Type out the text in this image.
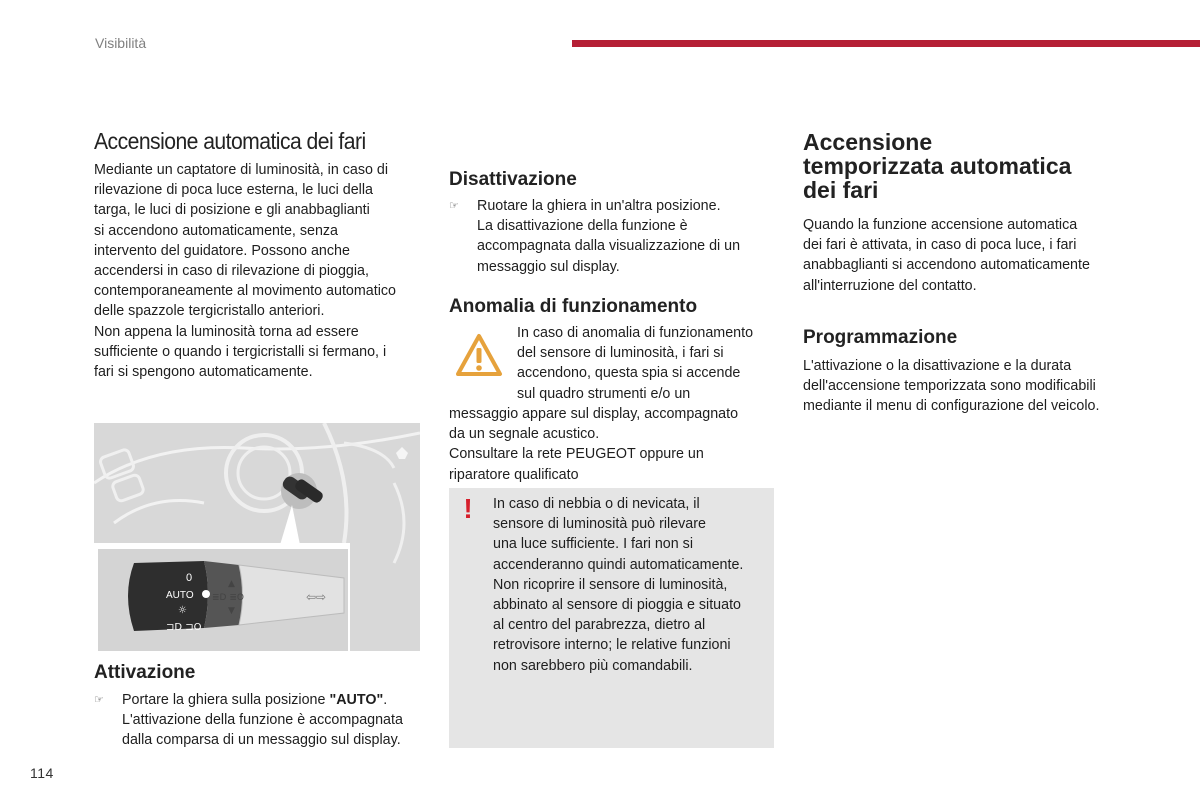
Visibilità
Accensione automatica dei fari
Mediante un captatore di luminosità, in caso di
rilevazione di poca luce esterna, le luci della
targa, le luci di posizione e gli anabbaglianti
si accendono automaticamente, senza
intervento del guidatore. Possono anche
accendersi in caso di rilevazione di pioggia,
contemporaneamente al movimento automatico
delle spazzole tergicristallo anteriori.
Non appena la luminosità torna ad essere
sufficiente o quando i tergicristalli si fermano, i
fari si spengono automaticamente.
0
AUTO
☼
⊐D ⊐O
▲
≣D ≣O
▼
⇦⇨
Attivazione
☞	Portare la ghiera sulla posizione "AUTO".
L'attivazione della funzione è accompagnata
dalla comparsa di un messaggio sul display.
Disattivazione
☞	Ruotare la ghiera in un'altra posizione.
La disattivazione della funzione è
accompagnata dalla visualizzazione di un
messaggio sul display.
Anomalia di funzionamento
In caso di anomalia di funzionamento
del sensore di luminosità, i fari si
accendono, questa spia si accende
sul quadro strumenti e/o un
messaggio appare sul display, accompagnato
da un segnale acustico.
Consultare la rete PEUGEOT oppure un
riparatore qualificato
! In caso di nebbia o di nevicata, il
sensore di luminosità può rilevare
una luce sufficiente. I fari non si
accenderanno quindi automaticamente.
Non ricoprire il sensore di luminosità,
abbinato al sensore di pioggia e situato
al centro del parabrezza, dietro al
retrovisore interno; le relative funzioni
non sarebbero più comandabili.
Accensione
temporizzata automatica
dei fari
Quando la funzione accensione automatica
dei fari è attivata, in caso di poca luce, i fari
anabbaglianti si accendono automaticamente
all'interruzione del contatto.
Programmazione
L'attivazione o la disattivazione e la durata
dell'accensione temporizzata sono modificabili
mediante il menu di configurazione del veicolo.
114
